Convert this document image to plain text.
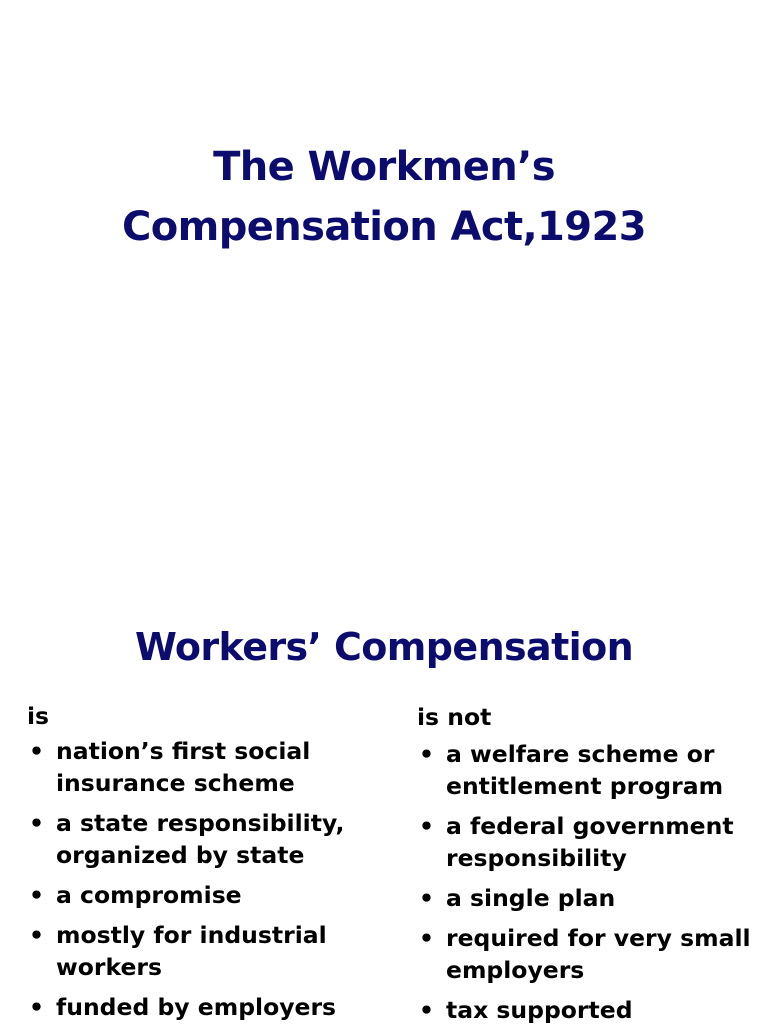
The Workmen’s
Compensation Act,1923
Workers’ Compensation
is
• nation’s first social
insurance scheme
• a state responsibility,
organized by state
• a compromise
• mostly for industrial
workers
• funded by employers
is not
• a welfare scheme or
entitlement program
• a federal government
responsibility
• a single plan
• required for very small
employers
• tax supported
